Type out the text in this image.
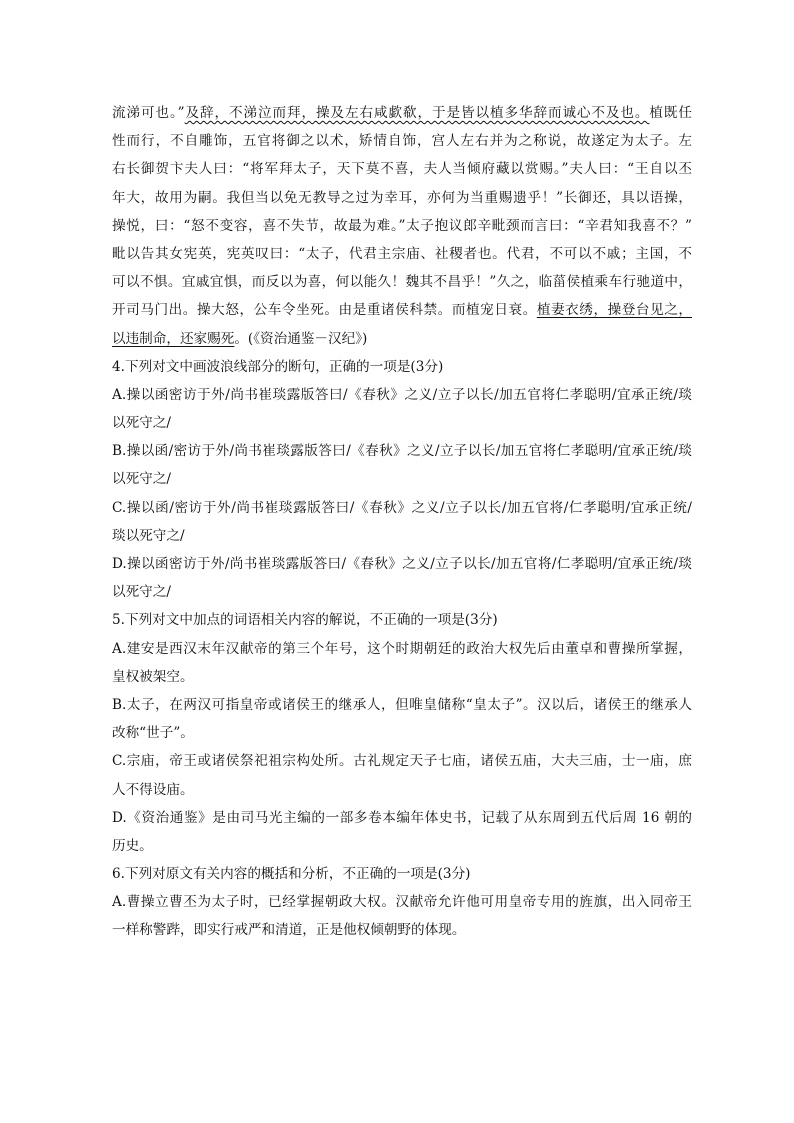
流涕可也。”及辞，不涕泣而拜，操及左右咸歔欷，于是皆以植多华辞而诚心不及也。植既任
性而行，不自雕饰，五官将御之以术，矫情自饰，宫人左右并为之称说，故遂定为太子。左
右长御贺卞夫人曰：“将军拜太子，天下莫不喜，夫人当倾府藏以赏赐。”夫人曰：“王自以丕
年大，故用为嗣。我但当以免无教导之过为幸耳，亦何为当重赐遗乎！”长御还，具以语操，
操悦，曰：“怒不变容，喜不失节，故最为难。”太子抱议郎辛毗颈而言曰：“辛君知我喜不？”
毗以告其女宪英，宪英叹曰：“太子，代君主宗庙、社稷者也。代君，不可以不戚；主国，不
可以不惧。宜戚宜惧，而反以为喜，何以能久！魏其不昌乎！”久之，临菑侯植乘车行驰道中，
开司马门出。操大怒，公车令坐死。由是重诸侯科禁。而植宠日衰。植妻衣绣，操登台见之，
以违制命，还家赐死。(《资治通鉴－汉纪》)
4.下列对文中画波浪线部分的断句，正确的一项是(3分)
A.操以函密访于外/尚书崔琰露版答曰/《春秋》之义/立子以长/加五官将仁孝聪明/宜承正统/琰
以死守之/
B.操以函/密访于外/尚书崔琰露版答曰/《春秋》之义/立子以长/加五官将仁孝聪明/宜承正统/琰
以死守之/
C.操以函/密访于外/尚书崔琰露版答曰/《春秋》之义/立子以长/加五官将/仁孝聪明/宜承正统/
琰以死守之/
D.操以函密访于外/尚书崔琰露版答曰/《春秋》之义/立子以长/加五官将/仁孝聪明/宜承正统/琰
以死守之/
5.下列对文中加点的词语相关内容的解说，不正确的一项是(3分)
A.建安是西汉末年汉献帝的第三个年号，这个时期朝廷的政治大权先后由董卓和曹操所掌握，
皇权被架空。
B.太子，在两汉可指皇帝或诸侯王的继承人，但唯皇储称“皇太子”。汉以后，诸侯王的继承人
改称“世子”。
C.宗庙，帝王或诸侯祭祀祖宗构处所。古礼规定天子七庙，诸侯五庙，大夫三庙，士一庙，庶
人不得设庙。
D.《资治通鉴》是由司马光主编的一部多卷本编年体史书，记载了从东周到五代后周 16 朝的
历史。
6.下列对原文有关内容的概括和分析，不正确的一项是(3分)
A.曹操立曹丕为太子时，已经掌握朝政大权。汉献帝允许他可用皇帝专用的旌旗，出入同帝王
一样称警跸，即实行戒严和清道，正是他权倾朝野的体现。
